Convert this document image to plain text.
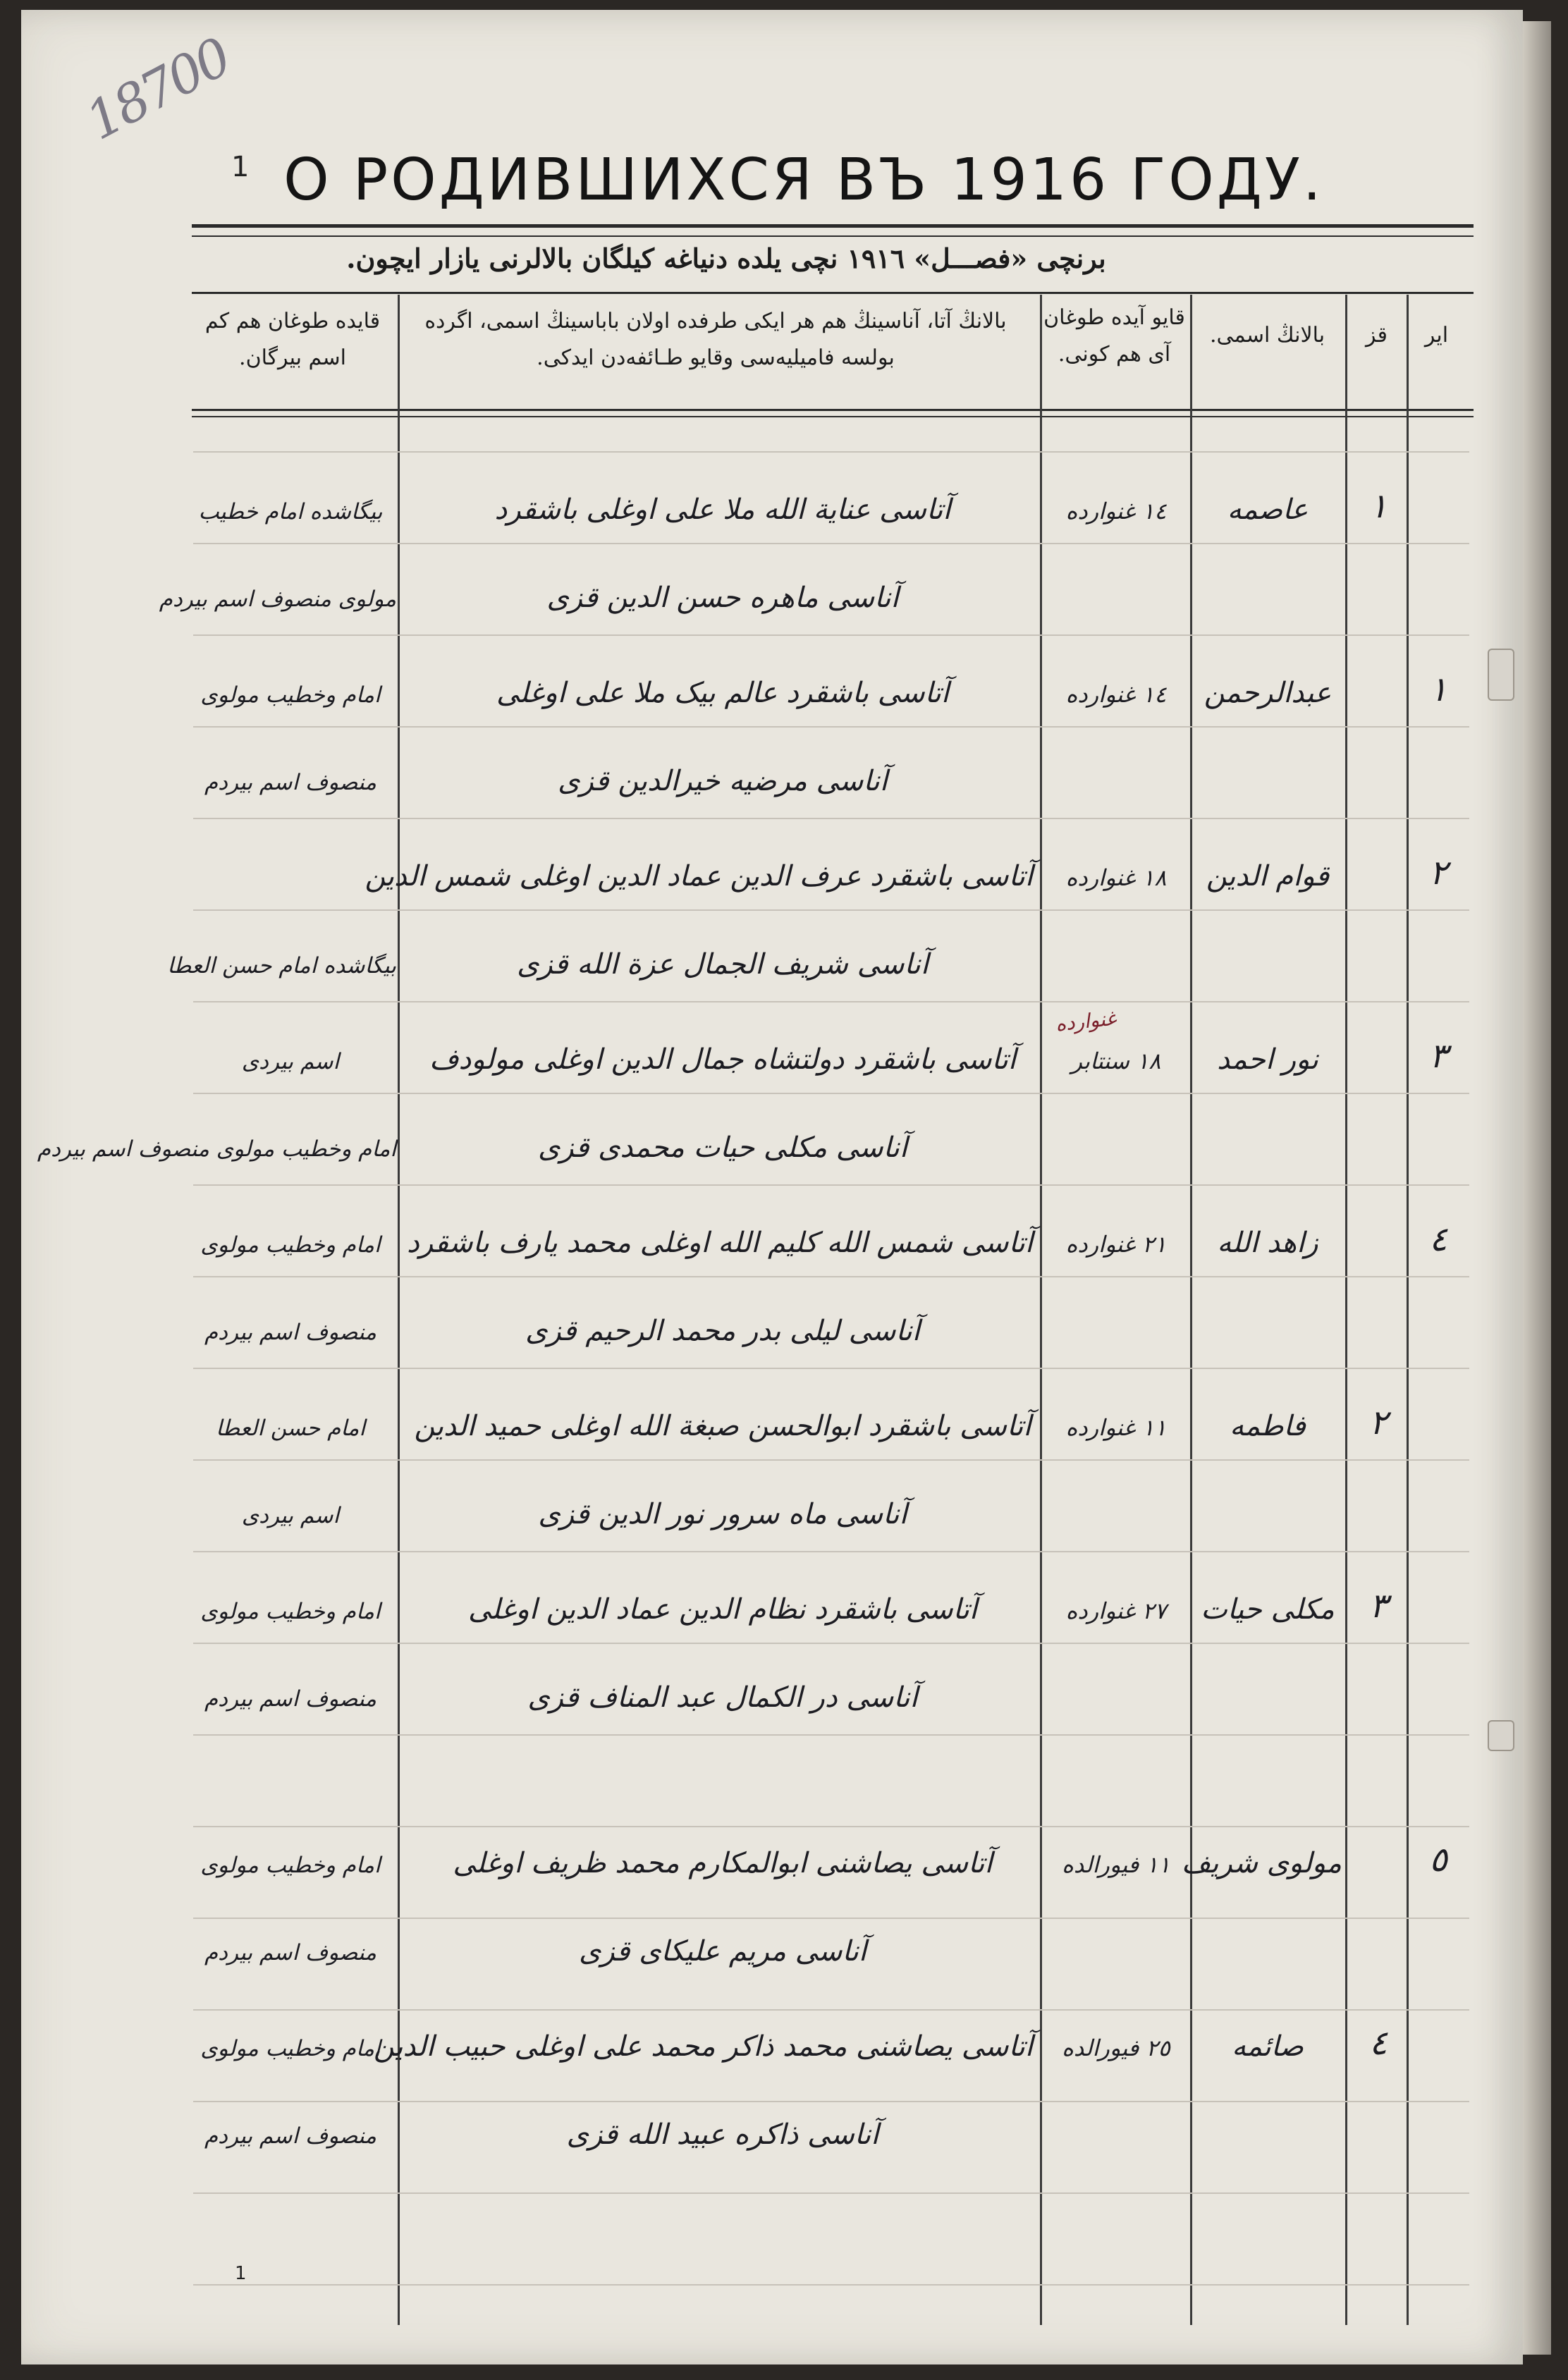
18700
1 О РОДИВШИХСЯ ВЪ 1916 ГОДУ.
برنچی «فصـــل» ١٩١٦ نچی یلده دنیاغه کیلگان بالالرنی یازار ایچون.
ایر
قز
بالانڭ اسمی.
قایو آیده طوغان آی هم کونی.
بالانڭ آتا، آناسینڭ هم هر ایکی طرفده اولان باباسینڭ اسمی، اگرده بولسه فامیلیه‌سی وقایو طـائفه‌دن ایدکی.
قایده طوغان هم کم اسم بیرگان.
١
عاصمه
١٤ غنوارده
آتاسی عنایة الله ملا علی اوغلی باشقرد
آناسی ماهره حسن الدین قزی
بیگاشده امام خطیب
مولوی منصوف اسم بیردم
١
عبدالرحمن
١٤ غنوارده
آتاسی باشقرد عالم بیک ملا علی اوغلی
آناسی مرضیه خیرالدین قزی
امام وخطیب مولوی
منصوف اسم بیردم
٢
قوام الدین
١٨ غنوارده
آتاسی باشقرد عرف الدین عماد الدین اوغلی شمس الدین
آناسی شریف الجمال عزة الله قزی
بیگاشده امام حسن العطا
٣
نور احمد
١٨ سنتابر
غنوارده
آتاسی باشقرد دولتشاه جمال الدین اوغلی مولودف
آناسی مکلی حیات محمدی قزی
اسم بیردی
امام وخطیب مولوی منصوف اسم بیردم
٤
زاهد الله
٢١ غنوارده
آتاسی شمس الله کلیم الله اوغلی محمد یارف باشقرد
آناسی لیلی بدر محمد الرحیم قزی
امام وخطیب مولوی
منصوف اسم بیردم
٢
فاطمه
١١ غنوارده
آتاسی باشقرد ابوالحسن صبغة الله اوغلی حمید الدین
آناسی ماه سرور نور الدین قزی
امام حسن العطا
اسم بیردی
٣
مکلی حیات
٢٧ غنوارده
آتاسی باشقرد نظام الدین عماد الدین اوغلی
آناسی در الکمال عبد المناف قزی
امام وخطیب مولوی
منصوف اسم بیردم
٥
مولوی شریف
١١ فیورالده
آتاسی یصاشنی ابوالمکارم محمد ظریف اوغلی
آناسی مریم علیکای قزی
امام وخطیب مولوی
منصوف اسم بیردم
٤
صائمه
٢٥ فیورالده
آتاسی یصاشنی محمد ذاکر محمد علی اوغلی حبیب الدین
آناسی ذاکره عبید الله قزی
امام وخطیب مولوی
منصوف اسم بیردم
1
